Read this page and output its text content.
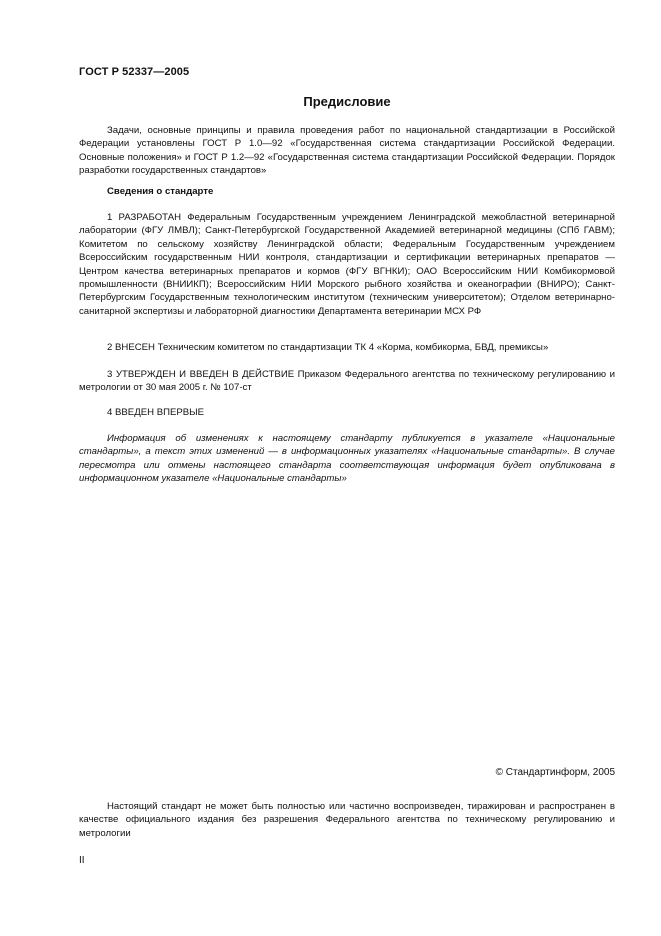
ГОСТ Р 52337—2005
Предисловие

Задачи, основные принципы и правила проведения работ по национальной стандартизации в Российской Федерации установлены ГОСТ Р 1.0—92 «Государственная система стандартизации Российской Федерации. Основные положения» и ГОСТ Р 1.2—92 «Государственная система стандартизации Российской Федерации. Порядок разработки государственных стандартов»

Сведения о стандарте

1 РАЗРАБОТАН Федеральным Государственным учреждением Ленинградской межобластной ветеринарной лаборатории (ФГУ ЛМВЛ); Санкт-Петербургской Государственной Академией ветеринарной медицины (СПб ГАВМ); Комитетом по сельскому хозяйству Ленинградской области; Федеральным Государственным учреждением Всероссийским государственным НИИ контроля, стандартизации и сертификации ветеринарных препаратов — Центром качества ветеринарных препаратов и кормов (ФГУ ВГНКИ); ОАО Всероссийским НИИ Комбикормовой промышленности (ВНИИКП); Всероссийским НИИ Морского рыбного хозяйства и океанографии (ВНИРО); Санкт-Петербургским Государственным технологическим институтом (техническим университетом); Отделом ветеринарно-санитарной экспертизы и лабораторной диагностики Департамента ветеринарии МСХ РФ

2 ВНЕСЕН Техническим комитетом по стандартизации ТК 4 «Корма, комбикорма, БВД, премиксы»

3 УТВЕРЖДЕН И ВВЕДЕН В ДЕЙСТВИЕ Приказом Федерального агентства по техническому регулированию и метрологии от 30 мая 2005 г. № 107-ст

4 ВВЕДЕН ВПЕРВЫЕ

Информация об изменениях к настоящему стандарту публикуется в указателе «Национальные стандарты», а текст этих изменений — в информационных указателях «Национальные стандарты». В случае пересмотра или отмены настоящего стандарта соответствующая информация будет опубликована в информационном указателе «Национальные стандарты»

© Стандартинформ, 2005

Настоящий стандарт не может быть полностью или частично воспроизведен, тиражирован и распространен в качестве официального издания без разрешения Федерального агентства по техническому регулированию и метрологии

II
